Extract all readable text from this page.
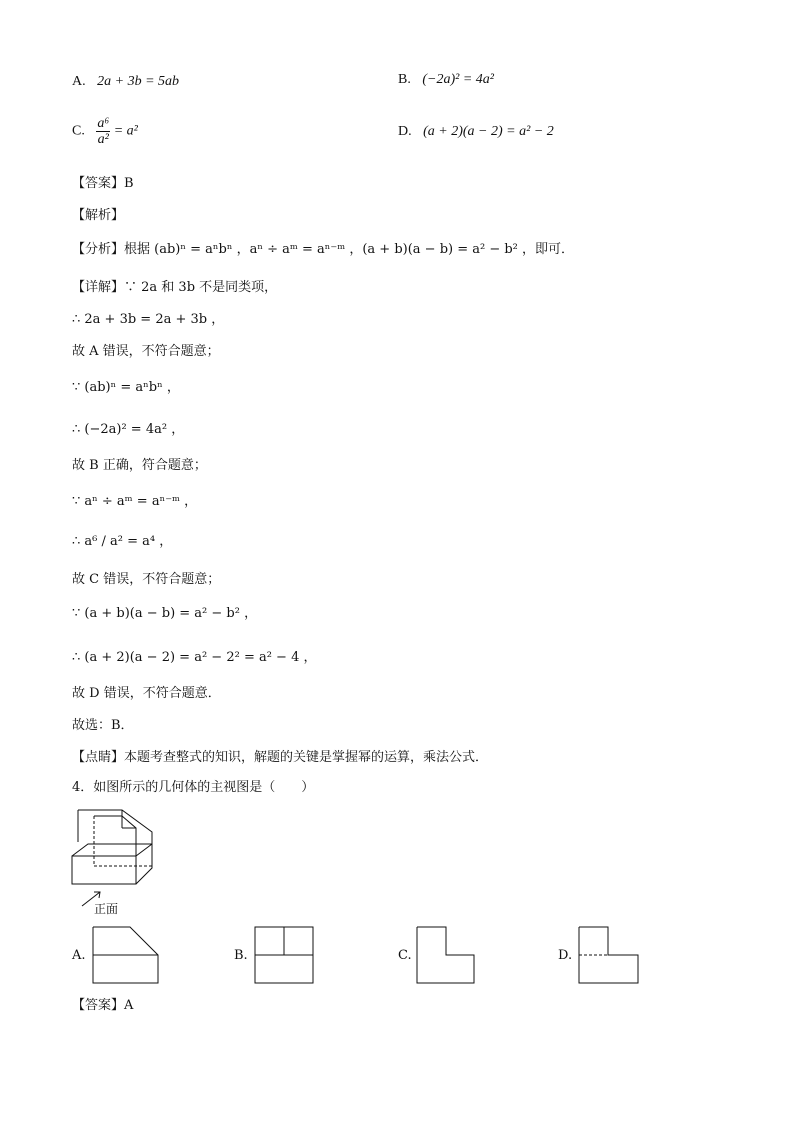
A. 2a + 3b = 5ab	B. (−2a)² = 4a²
C. $\frac{\text{a⁶}}{\text{a²}} = a^2$	D. (a + 2)(a − 2) = a² − 2
【答案】B
【解析】
【分析】根据 (ab)ⁿ = aⁿbⁿ ，aⁿ ÷ aᵐ = aⁿ⁻ᵐ ，(a + b)(a − b) = a² − b² ，即可．
【详解】∵ 2a 和 3b 不是同类项，
∴ 2a + 3b = 2a + 3b ，
故 A 错误，不符合题意；
∵ (ab)ⁿ = aⁿbⁿ ，
∴ (−2a)² = 4a² ，
故 B 正确，符合题意；
∵ aⁿ ÷ aᵐ = aⁿ⁻ᵐ ，
∴ a⁶ / a² = a⁴ ，
故 C 错误，不符合题意；
∵ (a + b)(a − b) = a² − b² ，
∴ (a + 2)(a − 2) = a² − 2² = a² − 4 ，
故 D 错误，不符合题意．
故选：B．
【点睛】本题考查整式的知识，解题的关键是掌握幂的运算，乘法公式．
4．如图所示的几何体的主视图是（　　）
正面
A.	B.	C.	D.
【答案】A
